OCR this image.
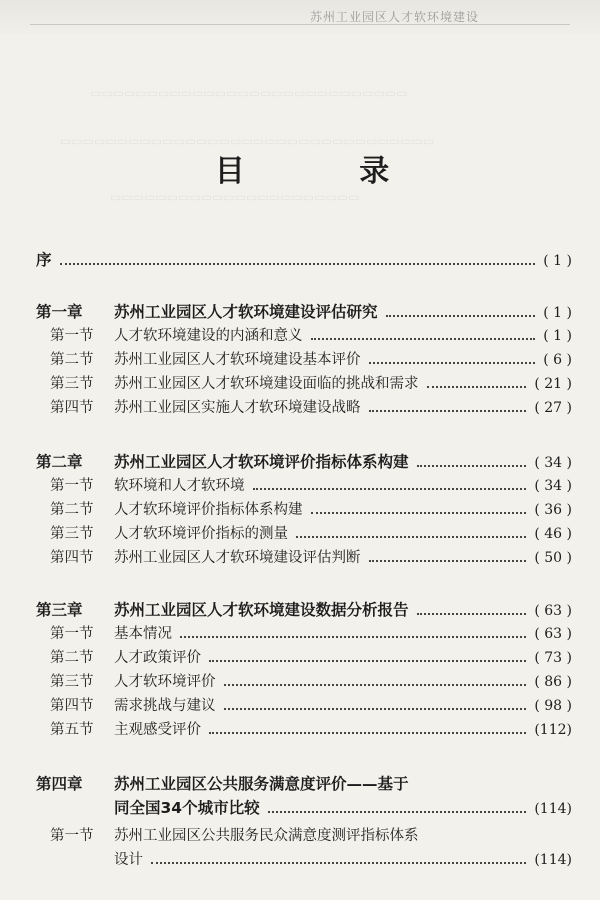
苏州工业园区人才软环境建设
▭▭▭▭▭▭▭▭▭▭▭▭▭▭▭▭▭▭▭▭▭▭▭▭▭▭▭▭
▭▭▭▭▭▭▭▭▭▭▭▭▭▭▭▭▭▭▭▭▭▭▭▭▭▭▭▭▭▭▭▭▭
▭▭▭▭▭▭▭▭▭▭▭▭▭▭▭▭▭▭▭▭▭▭
目 录
序	( 1 )
第一章 苏州工业园区人才软环境建设评估研究	( 1 )
第一节 人才软环境建设的内涵和意义	( 1 )
第二节 苏州工业园区人才软环境建设基本评价	( 6 )
第三节 苏州工业园区人才软环境建设面临的挑战和需求	( 21 )
第四节 苏州工业园区实施人才软环境建设战略	( 27 )
第二章 苏州工业园区人才软环境评价指标体系构建	( 34 )
第一节 软环境和人才软环境	( 34 )
第二节 人才软环境评价指标体系构建	( 36 )
第三节 人才软环境评价指标的测量	( 46 )
第四节 苏州工业园区人才软环境建设评估判断	( 50 )
第三章 苏州工业园区人才软环境建设数据分析报告	( 63 )
第一节 基本情况	( 63 )
第二节 人才政策评价	( 73 )
第三节 人才软环境评价	( 86 )
第四节 需求挑战与建议	( 98 )
第五节 主观感受评价	(112)
第四章 苏州工业园区公共服务满意度评价——基于
同全国34个城市比较	(114)
第一节 苏州工业园区公共服务民众满意度测评指标体系
设计	(114)
